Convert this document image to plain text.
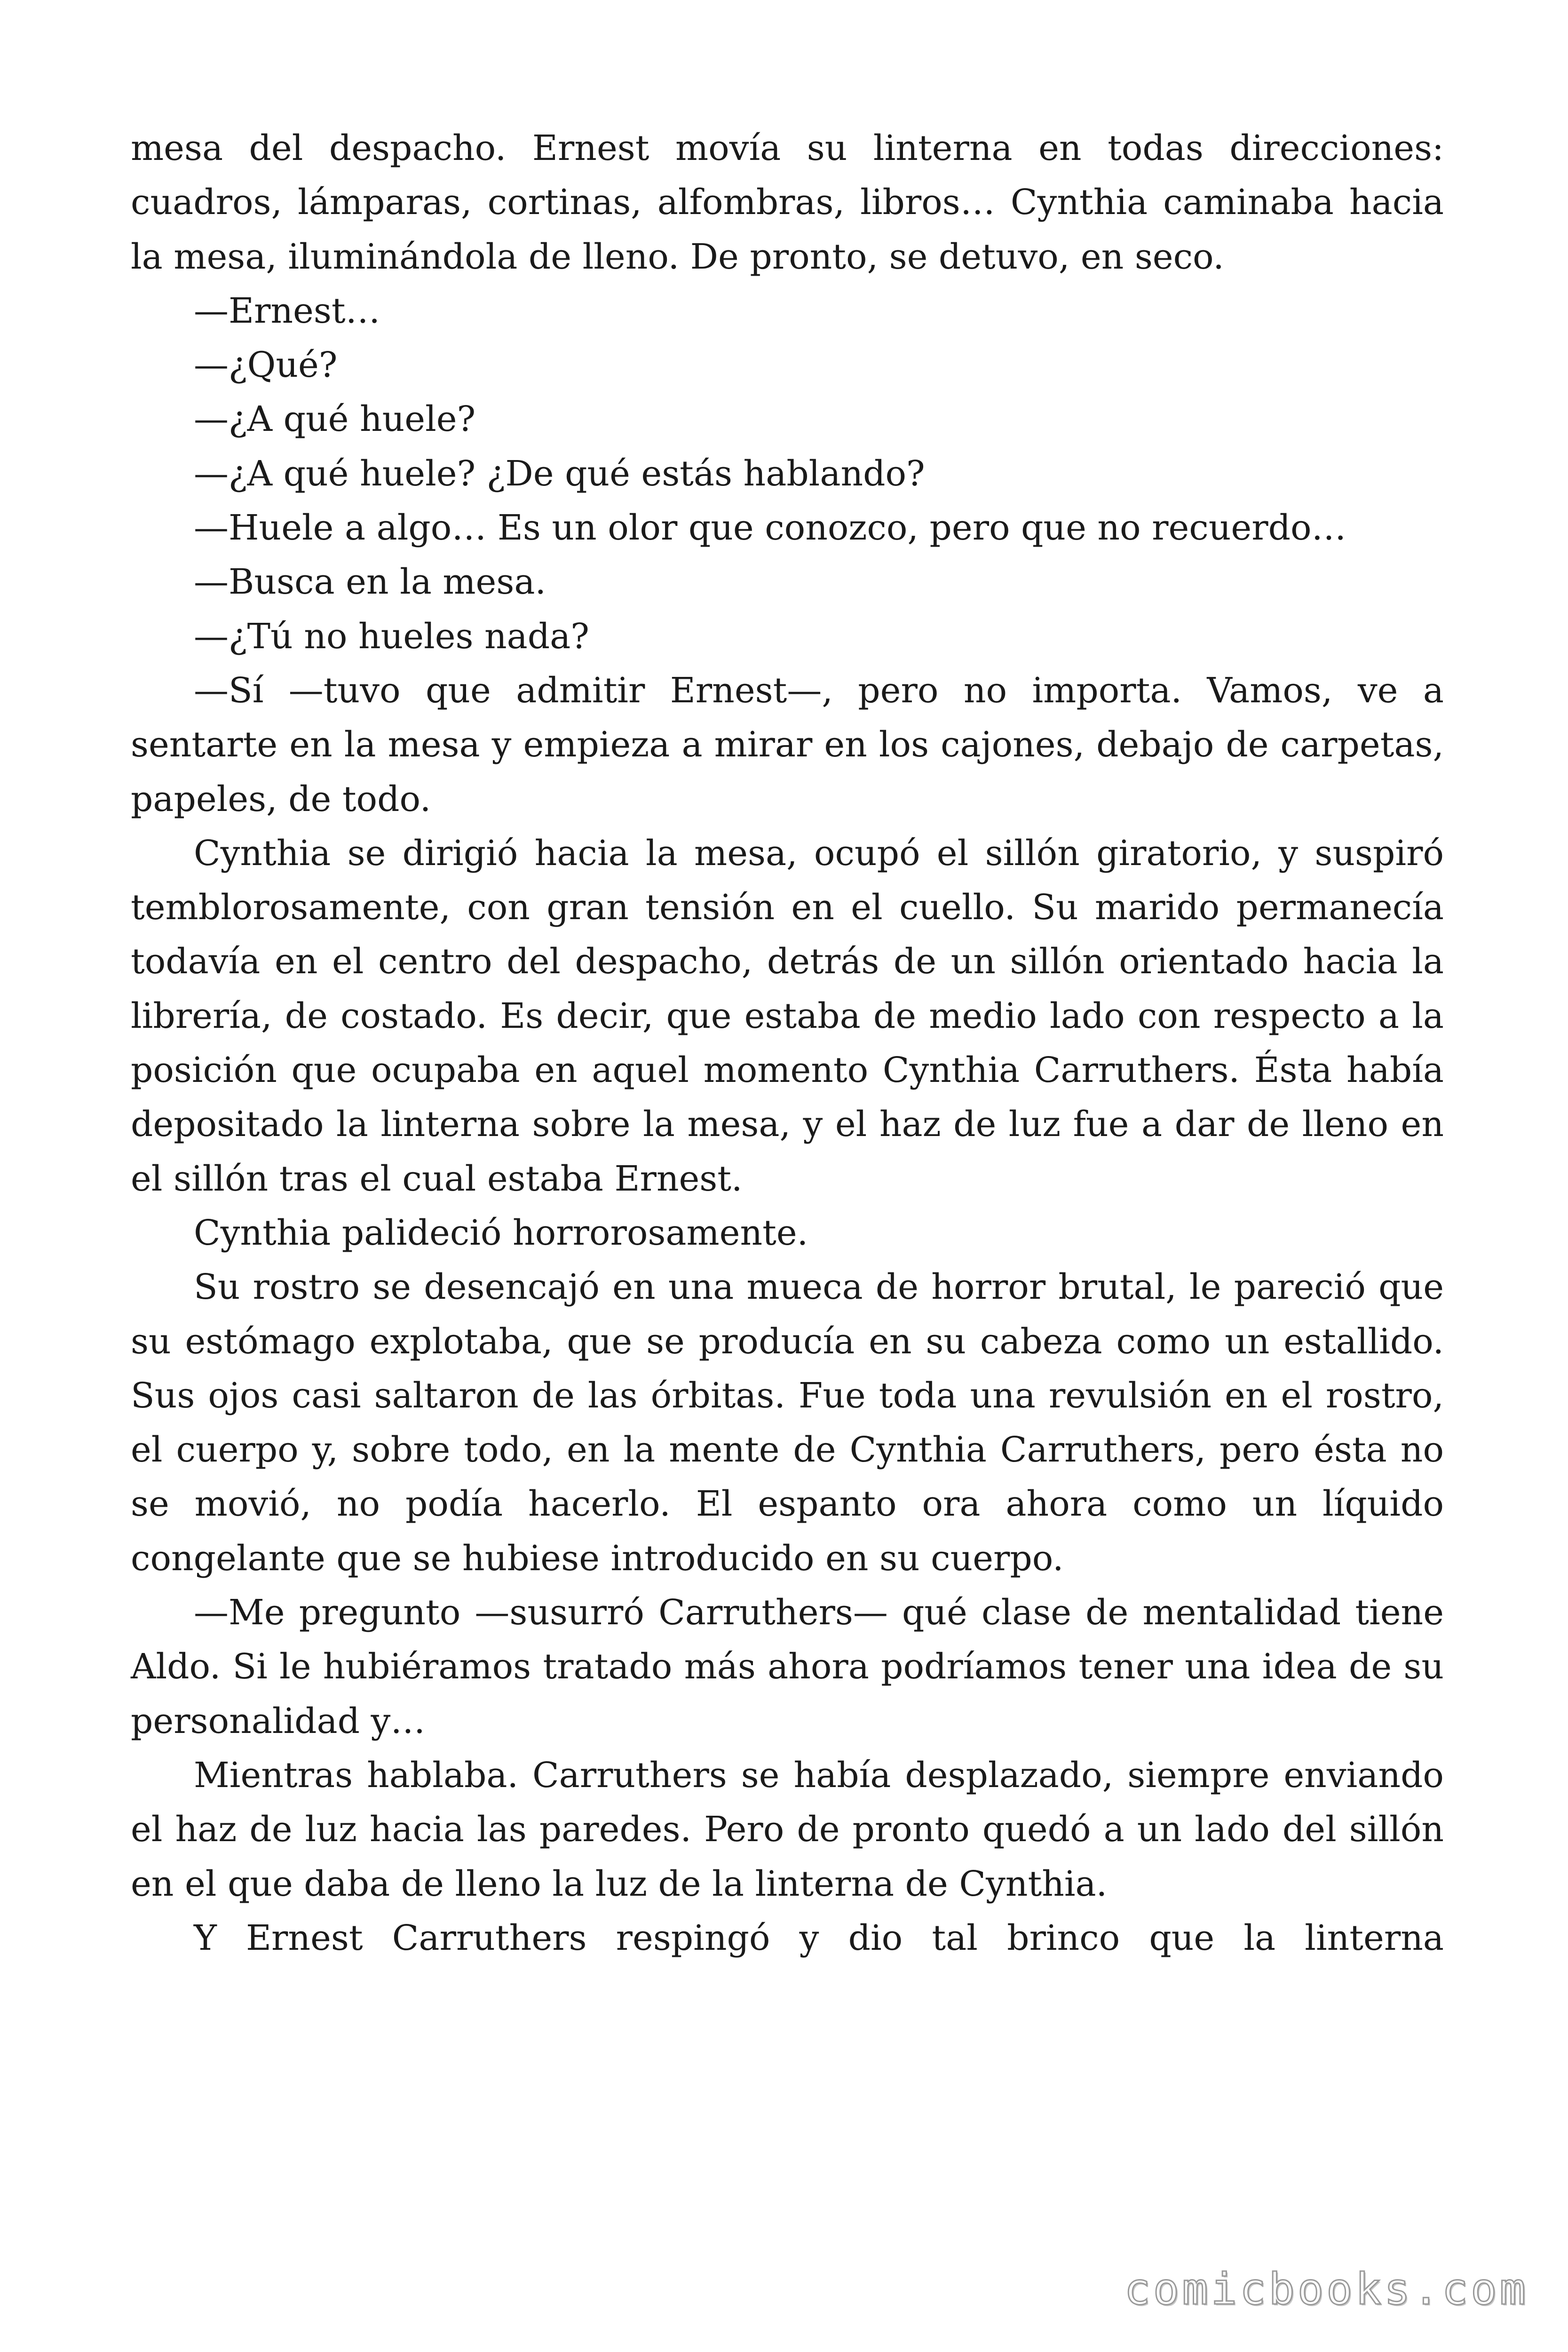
mesa del despacho. Ernest movía su linterna en todas direcciones: cuadros, lámparas, cortinas, alfombras, libros… Cynthia caminaba hacia la mesa, iluminándola de lleno. De pronto, se detuvo, en seco.

—Ernest…

—¿Qué?

—¿A qué huele?

—¿A qué huele? ¿De qué estás hablando?

—Huele a algo… Es un olor que conozco, pero que no recuerdo…

—Busca en la mesa.

—¿Tú no hueles nada?

—Sí —tuvo que admitir Ernest—, pero no importa. Vamos, ve a sentarte en la mesa y empieza a mirar en los cajones, debajo de carpetas, papeles, de todo.

Cynthia se dirigió hacia la mesa, ocupó el sillón giratorio, y suspiró temblorosamente, con gran tensión en el cuello. Su marido permanecía todavía en el centro del despacho, detrás de un sillón orientado hacia la librería, de costado. Es decir, que estaba de medio lado con respecto a la posición que ocupaba en aquel momento Cynthia Carruthers. Ésta había depositado la linterna sobre la mesa, y el haz de luz fue a dar de lleno en el sillón tras el cual estaba Ernest.

Cynthia palideció horrorosamente.

Su rostro se desencajó en una mueca de horror brutal, le pareció que su estómago explotaba, que se producía en su cabeza como un estallido. Sus ojos casi saltaron de las órbitas. Fue toda una revulsión en el rostro, el cuerpo y, sobre todo, en la mente de Cynthia Carruthers, pero ésta no se movió, no podía hacerlo. El espanto ora ahora como un líquido congelante que se hubiese introducido en su cuerpo.

—Me pregunto —susurró Carruthers— qué clase de mentalidad tiene Aldo. Si le hubiéramos tratado más ahora podríamos tener una idea de su personalidad y…

Mientras hablaba. Carruthers se había desplazado, siempre enviando el haz de luz hacia las paredes. Pero de pronto quedó a un lado del sillón en el que daba de lleno la luz de la linterna de Cynthia.

Y Ernest Carruthers respingó y dio tal brinco que la linterna

comicbooks.com
